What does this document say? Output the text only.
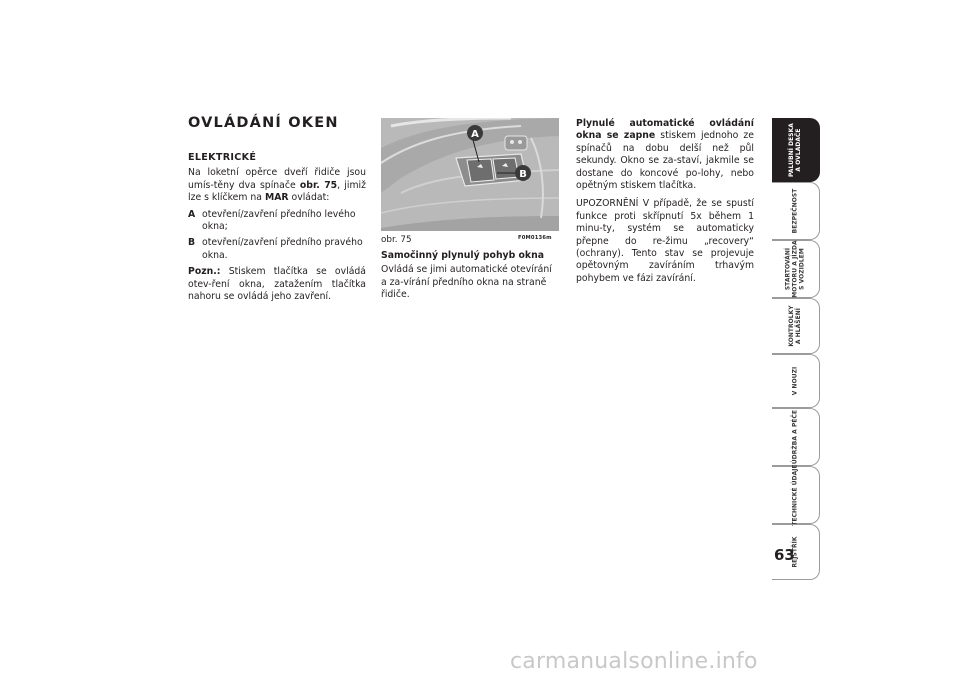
OVLÁDÁNÍ OKEN
ELEKTRICKÉ

Na loketní opěrce dveří řidiče jsou umís-těny dva spínače obr. 75, jimiž lze s klíčkem na MAR ovládat:

A otevření/zavření předního levého okna;
B otevření/zavření předního pravého okna.

Pozn.: Stiskem tlačítka se ovládá otev-ření okna, zatažením tlačítka nahoru se ovládá jeho zavření.

A
B
obr. 75	F0M0136m
Samočinný plynulý pohyb okna
Ovládá se jimi automatické otevírání a za-vírání předního okna na straně řidiče.

Plynulé automatické ovládání okna se zapne stiskem jednoho ze spínačů na dobu delší než půl sekundy. Okno se za-staví, jakmile se dostane do koncové po-lohy, nebo opětným stiskem tlačítka.

UPOZORNĚNÍ V případě, že se spustí funkce proti skřípnutí 5x během 1 minu-ty, systém se automaticky přepne do re-žimu „recovery“ (ochrany). Tento stav se projevuje opětovným zavíráním trhavým pohybem ve fázi zavírání.

PALUBNÍ DESKA
A OVLADAČE
BEZPEČNOST
STARTOVÁNÍ
MOTORU A JÍZDA
S VOZIDLEM
KONTROLKY
A HLÁŠENÍ
V NOUZI
ÚDRŽBA A PÉČE
TECHNICKÉ ÚDAJE
REJSTŘÍK
63
carmanualsonline.info
